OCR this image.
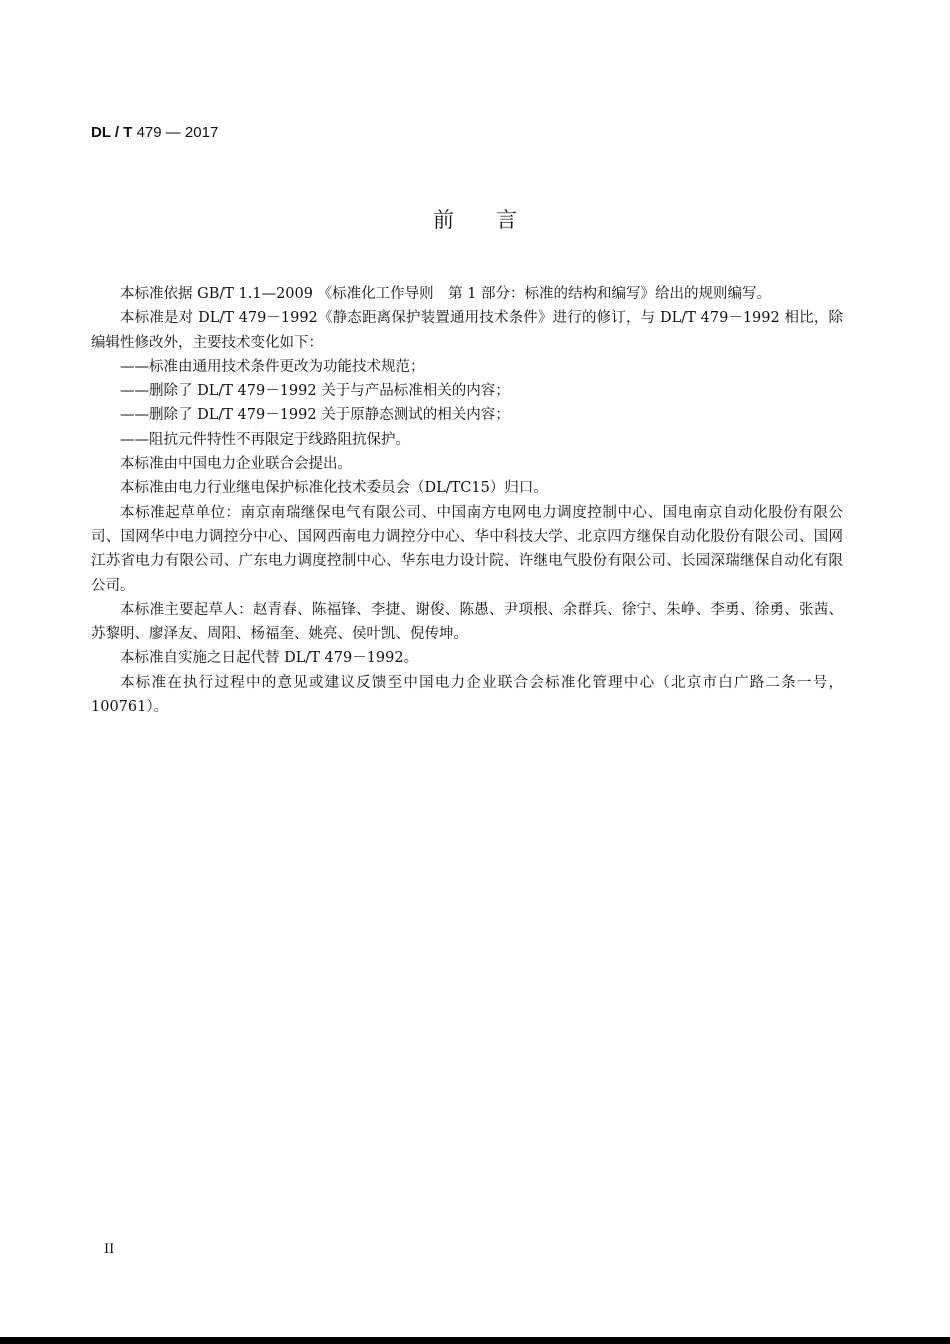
DL / T 479 — 2017
前　　言

本标准依据 GB/T 1.1—2009 《标准化工作导则　第 1 部分：标准的结构和编写》给出的规则编写。

本标准是对 DL/T 479－1992《静态距离保护装置通用技术条件》进行的修订，与 DL/T 479－1992 相比，除编辑性修改外，主要技术变化如下：

——标准由通用技术条件更改为功能技术规范；

——删除了 DL/T 479－1992 关于与产品标准相关的内容；

——删除了 DL/T 479－1992 关于原静态测试的相关内容；

——阻抗元件特性不再限定于线路阻抗保护。

本标准由中国电力企业联合会提出。

本标准由电力行业继电保护标准化技术委员会（DL/TC15）归口。

本标准起草单位：南京南瑞继保电气有限公司、中国南方电网电力调度控制中心、国电南京自动化股份有限公司、国网华中电力调控分中心、国网西南电力调控分中心、华中科技大学、北京四方继保自动化股份有限公司、国网江苏省电力有限公司、广东电力调度控制中心、华东电力设计院、许继电气股份有限公司、长园深瑞继保自动化有限公司。

本标准主要起草人：赵青春、陈福锋、李捷、谢俊、陈愚、尹项根、余群兵、徐宁、朱峥、李勇、徐勇、张茜、苏黎明、廖泽友、周阳、杨福奎、姚亮、侯叶凯、倪传坤。

本标准自实施之日起代替 DL/T 479－1992。

本标准在执行过程中的意见或建议反馈至中国电力企业联合会标准化管理中心（北京市白广路二条一号，100761）。

II
